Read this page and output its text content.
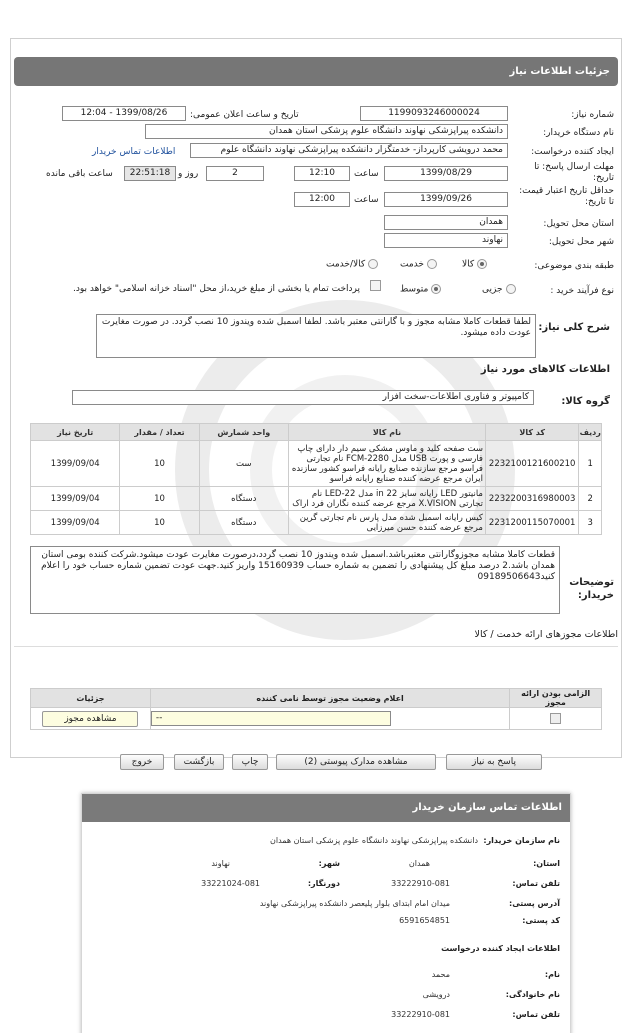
جزئیات اطلاعات نیاز
شماره نیاز:
1199093246000024
تاریخ و ساعت اعلان عمومی:
1399/08/26 - 12:04
نام دستگاه خریدار:
دانشکده پیراپزشکی نهاوند دانشگاه علوم پزشکی استان همدان
ایجاد کننده درخواست:
محمد درویشی کارپرداز- خدمتگزار دانشکده پیراپزشکی نهاوند دانشگاه علوم
اطلاعات تماس خریدار
مهلت ارسال پاسخ: تا تاریخ:
1399/08/29
ساعت
12:10
2
روز و
22:51:18
ساعت باقی مانده
حداقل تاریخ اعتبار قیمت: تا تاریخ:
1399/09/26
ساعت
12:00
استان محل تحویل:
همدان
شهر محل تحویل:
نهاوند
طبقه بندی موضوعی:
کالا
خدمت
کالا/خدمت
نوع فرآیند خرید :
جزیی
متوسط
پرداخت تمام یا بخشی از مبلغ خرید،از محل "اسناد خزانه اسلامی" خواهد بود.
شرح کلی نیاز:
لطفا قطعات کاملا مشابه مجوز و با گارانتی معتبر باشد. لطفا اسمبل شده ویندوز 10 نصب گردد. در صورت مغایرت عودت داده میشود.
اطلاعات کالاهای مورد نیاز
گروه کالا:
کامپیوتر و فناوری اطلاعات-سخت افزار
ردیف	کد کالا	نام کالا	واحد شمارش	تعداد / مقدار	تاریخ نیاز
1	2232100121600210	ست صفحه کلید و ماوس مشکی سیم دار دارای چاپ فارسی و پورت USB مدل FCM-2280 نام تجارتی فراسو مرجع سازنده صنایع رایانه فراسو کشور سازنده ایران مرجع عرضه کننده صنایع رایانه فراسو	ست	10	1399/09/04
2	2232200316980003	مانیتور LED رایانه سایز 22 in مدل LED-22 نام تجارتی X.VISION مرجع عرضه کننده نگاران فرد اراک	دستگاه	10	1399/09/04
3	2231200115070001	کیس رایانه اسمبل شده مدل پارس نام تجارتی گرین مرجع عرضه کننده حسن میرزایی	دستگاه	10	1399/09/04
توضیحات خریدار:
قطعات کاملا مشابه مجوزوگارانتی معتبرباشد.اسمبل شده ویندوز 10 نصب گردد،درصورت مغایرت عودت میشود.شرکت کننده بومی استان همدان باشد.2 درصد مبلغ کل پیشنهادی را تضمین به شماره حساب 15160939 واریز کنید.جهت عودت تضمین شماره حساب خود را اعلام کنید09189506643
اطلاعات مجوزهای ارائه خدمت / کالا
الزامی بودن ارائه مجوز	اعلام وضعیت مجوز توسط نامی کننده	جزئیات

	--	مشاهده مجوز
پاسخ به نیاز
مشاهده مدارک پیوستی (2)
چاپ
بازگشت
خروج
اطلاعات تماس سازمان خریدار
نام سازمان خریدار:
دانشکده پیراپزشکی نهاوند دانشگاه علوم پزشکی استان همدان
استان:
همدان
شهر:
نهاوند
تلفن تماس:
33222910-081
دورنگار:
33221024-081
آدرس پستی:
میدان امام ابتدای بلوار پلیعصر دانشکده پیراپزشکی نهاوند
کد پستی:
6591654851
اطلاعات ایجاد کننده درخواست
نام:
محمد
نام خانوادگی:
درویشی
تلفن تماس:
33222910-081
